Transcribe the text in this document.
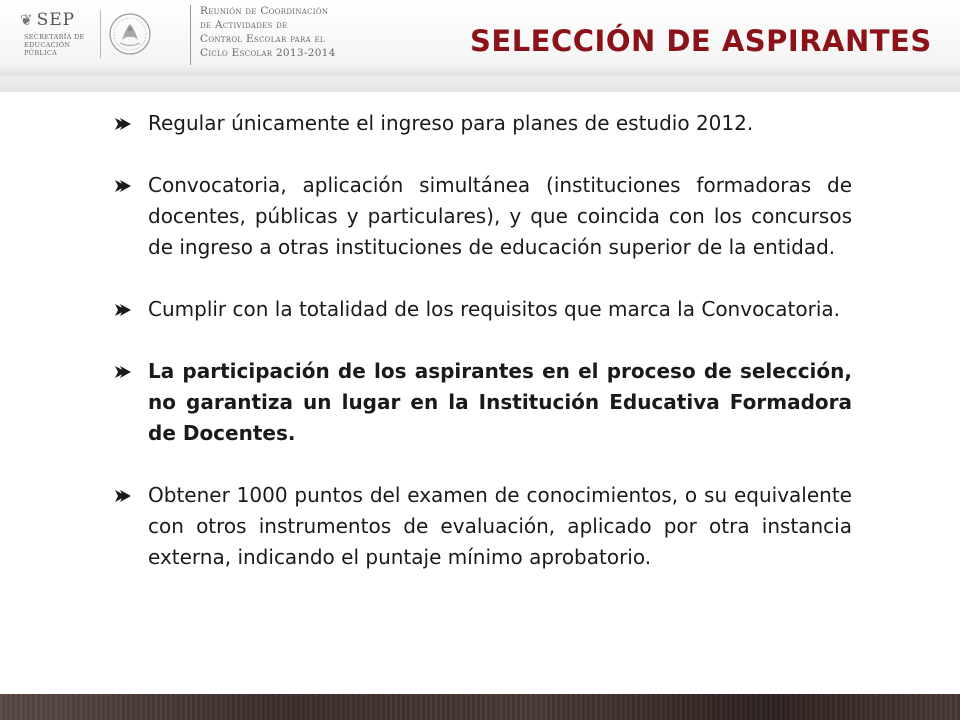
❦ SEP
SECRETARÍA DE EDUCACIÓN PÚBLICA
Reunión de Coordinación
de Actividades de
Control Escolar para el
Ciclo Escolar 2013-2014	SELECCIÓN DE ASPIRANTES
Regular únicamente el ingreso para planes de estudio 2012.
Convocatoria, aplicación simultánea (instituciones formadoras de docentes, públicas y particulares), y que coincida con los concursos de ingreso a otras instituciones de educación superior de la entidad.
Cumplir con la totalidad de los requisitos que marca la Convocatoria.
La participación de los aspirantes en el proceso de selección, no garantiza un lugar en la Institución Educativa Formadora de Docentes.
Obtener 1000 puntos del examen de conocimientos, o su equivalente con otros instrumentos de evaluación, aplicado por otra instancia externa, indicando el puntaje mínimo aprobatorio.
